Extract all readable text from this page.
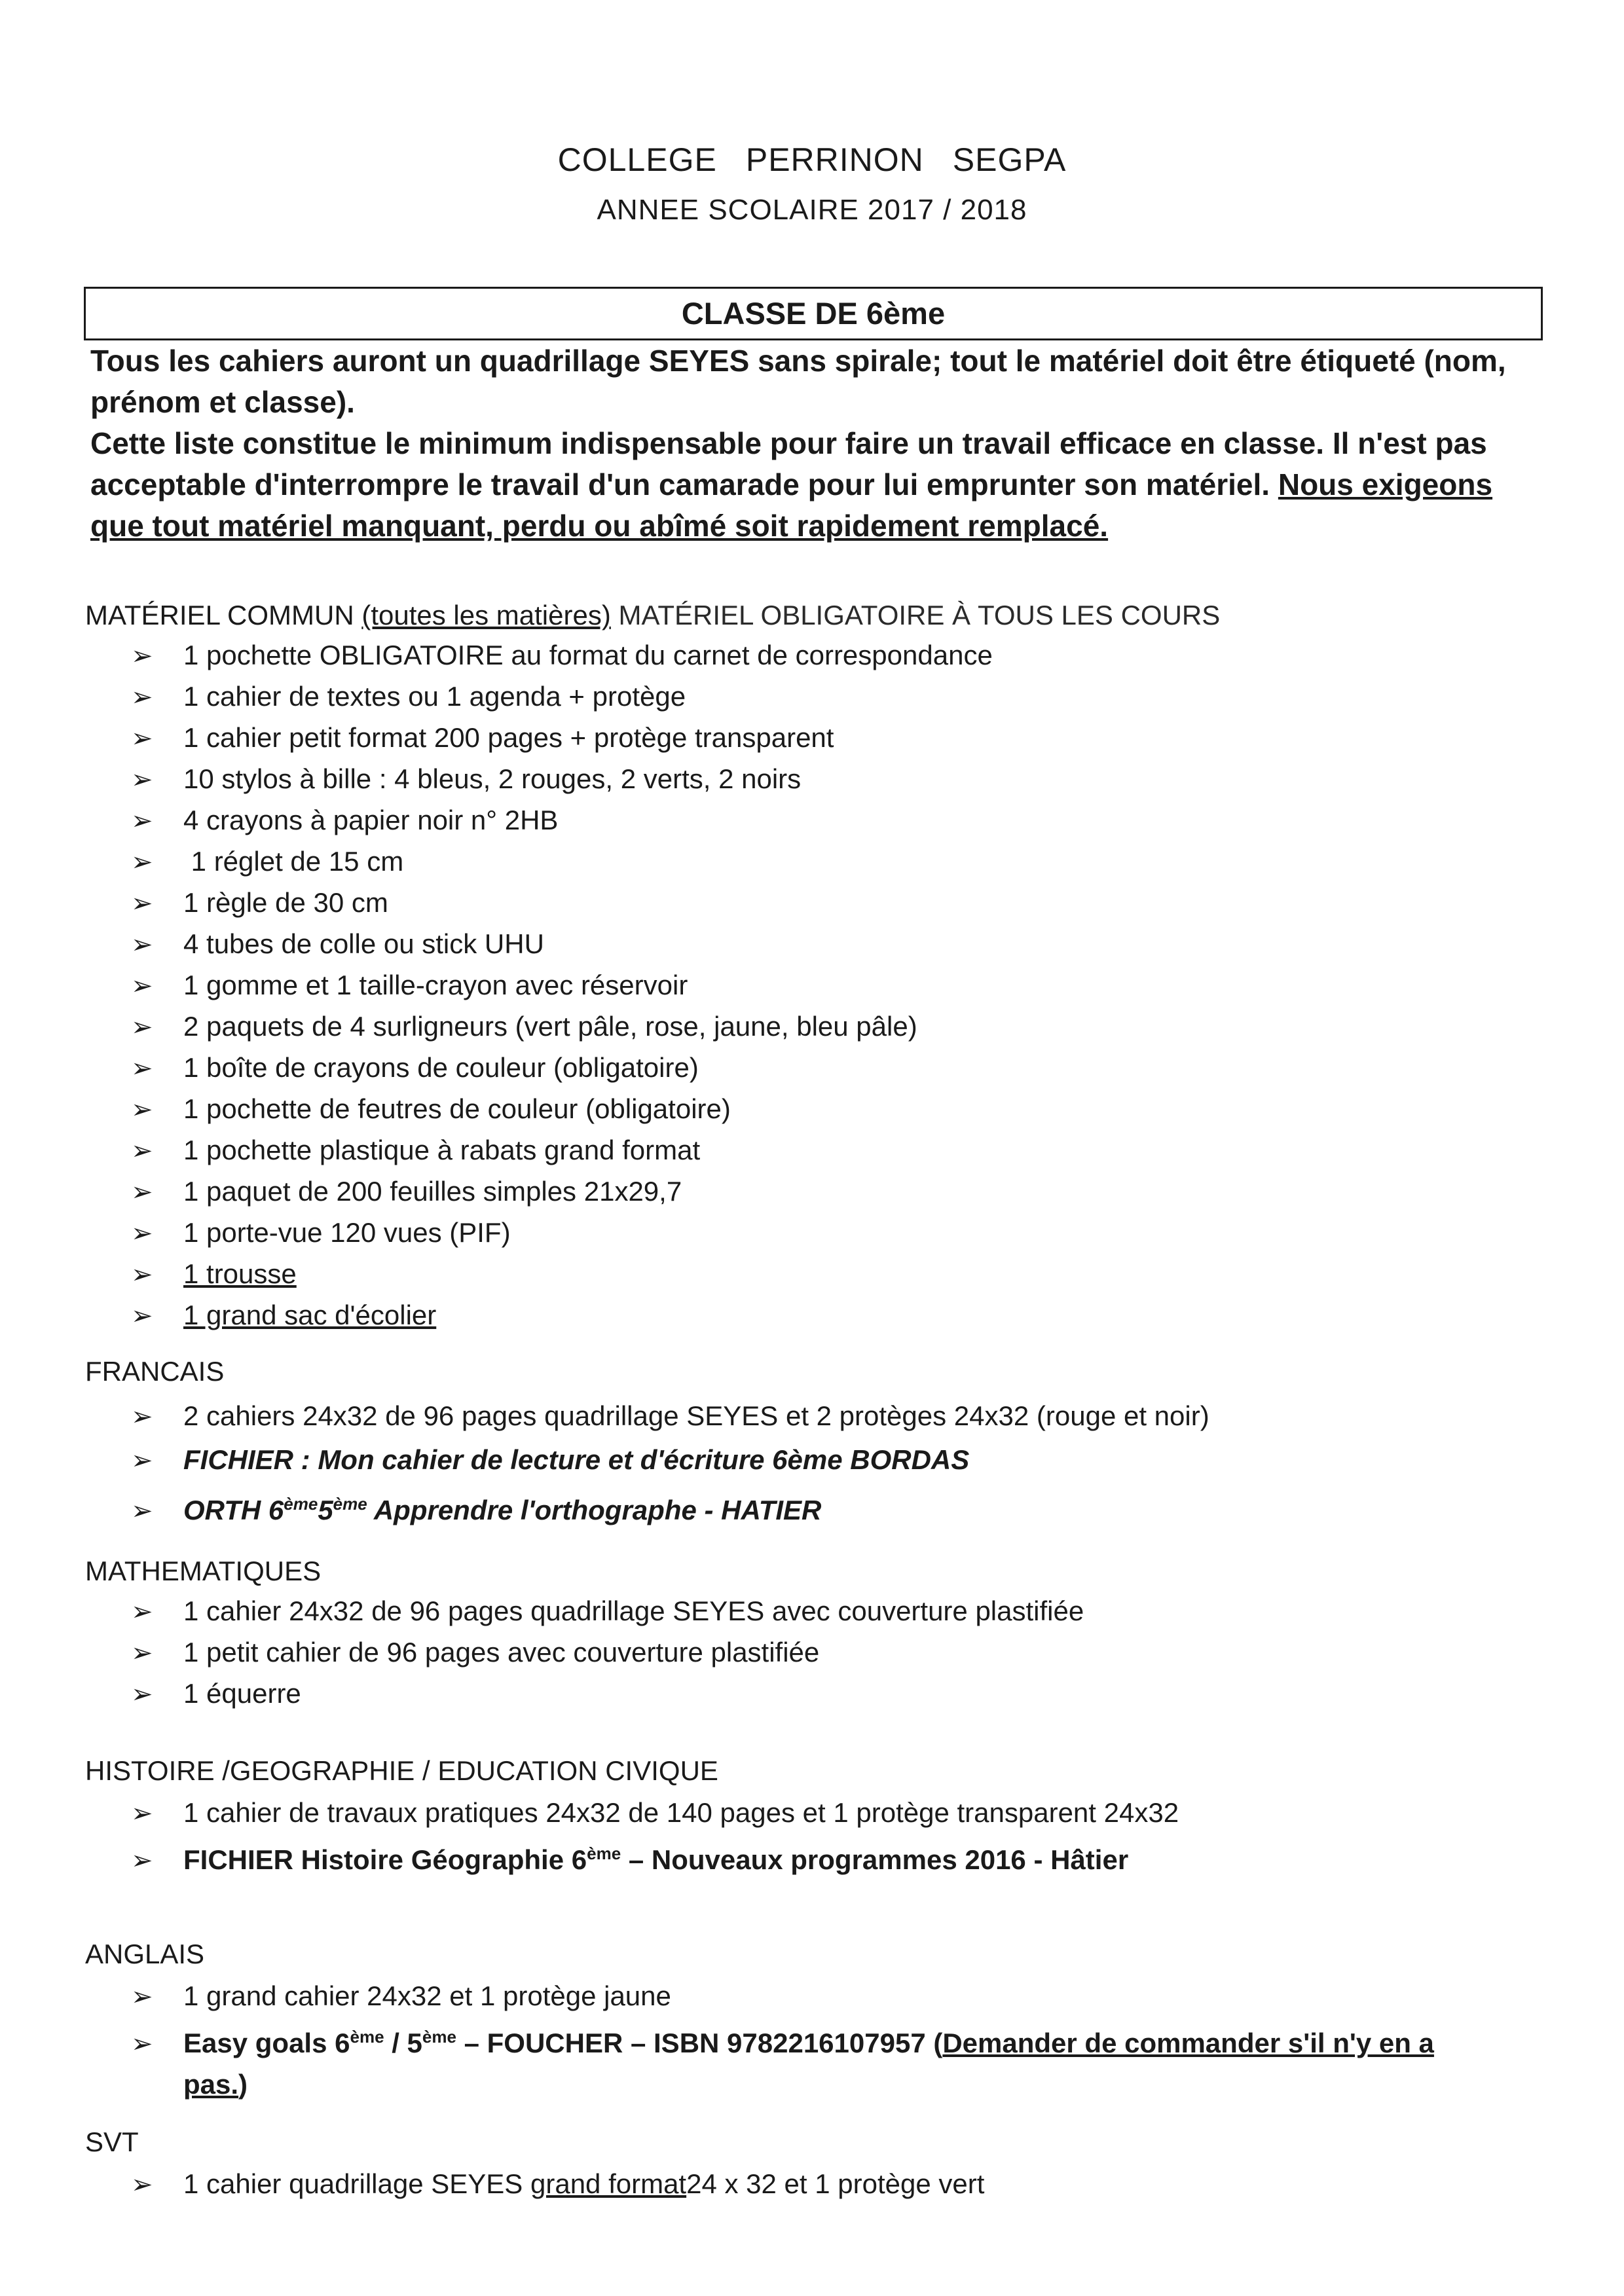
COLLEGE PERRINON SEGPA
ANNEE SCOLAIRE 2017 / 2018
CLASSE DE 6ème

Tous les cahiers auront un quadrillage SEYES sans spirale; tout le matériel doit être étiqueté (nom, prénom et classe).

Cette liste constitue le minimum indispensable pour faire un travail efficace en classe. Il n'est pas acceptable d'interrompre le travail d'un camarade pour lui emprunter son matériel. Nous exigeons que tout matériel manquant, perdu ou abîmé soit rapidement remplacé.

MATÉRIEL COMMUN (toutes les matières) MATÉRIEL OBLIGATOIRE À TOUS LES COURS
➢ 1 pochette OBLIGATOIRE au format du carnet de correspondance
➢ 1 cahier de textes ou 1 agenda + protège
➢ 1 cahier petit format 200 pages + protège transparent
➢ 10 stylos à bille : 4 bleus, 2 rouges, 2 verts, 2 noirs
➢ 4 crayons à papier noir n° 2HB
➢ 1 réglet de 15 cm
➢ 1 règle de 30 cm
➢ 4 tubes de colle ou stick UHU
➢ 1 gomme et 1 taille-crayon avec réservoir
➢ 2 paquets de 4 surligneurs (vert pâle, rose, jaune, bleu pâle)
➢ 1 boîte de crayons de couleur (obligatoire)
➢ 1 pochette de feutres de couleur (obligatoire)
➢ 1 pochette plastique à rabats grand format
➢ 1 paquet de 200 feuilles simples 21x29,7
➢ 1 porte-vue 120 vues (PIF)
➢ 1 trousse
➢ 1 grand sac d'écolier
FRANCAIS
➢ 2 cahiers 24x32 de 96 pages quadrillage SEYES et 2 protèges 24x32 (rouge et noir)
➢ FICHIER : Mon cahier de lecture et d'écriture 6ème BORDAS
➢ ORTH 6ème5ème Apprendre l'orthographe - HATIER
MATHEMATIQUES
➢ 1 cahier 24x32 de 96 pages quadrillage SEYES avec couverture plastifiée
➢ 1 petit cahier de 96 pages avec couverture plastifiée
➢ 1 équerre
HISTOIRE /GEOGRAPHIE / EDUCATION CIVIQUE
➢ 1 cahier de travaux pratiques 24x32 de 140 pages et 1 protège transparent 24x32
➢ FICHIER Histoire Géographie 6ème – Nouveaux programmes 2016 - Hâtier
ANGLAIS
➢ 1 grand cahier 24x32 et 1 protège jaune
➢ Easy goals 6ème / 5ème – FOUCHER – ISBN 9782216107957 (Demander de commander s'il n'y en a
pas.)
SVT
➢ 1 cahier quadrillage SEYES grand format24 x 32 et 1 protège vert
